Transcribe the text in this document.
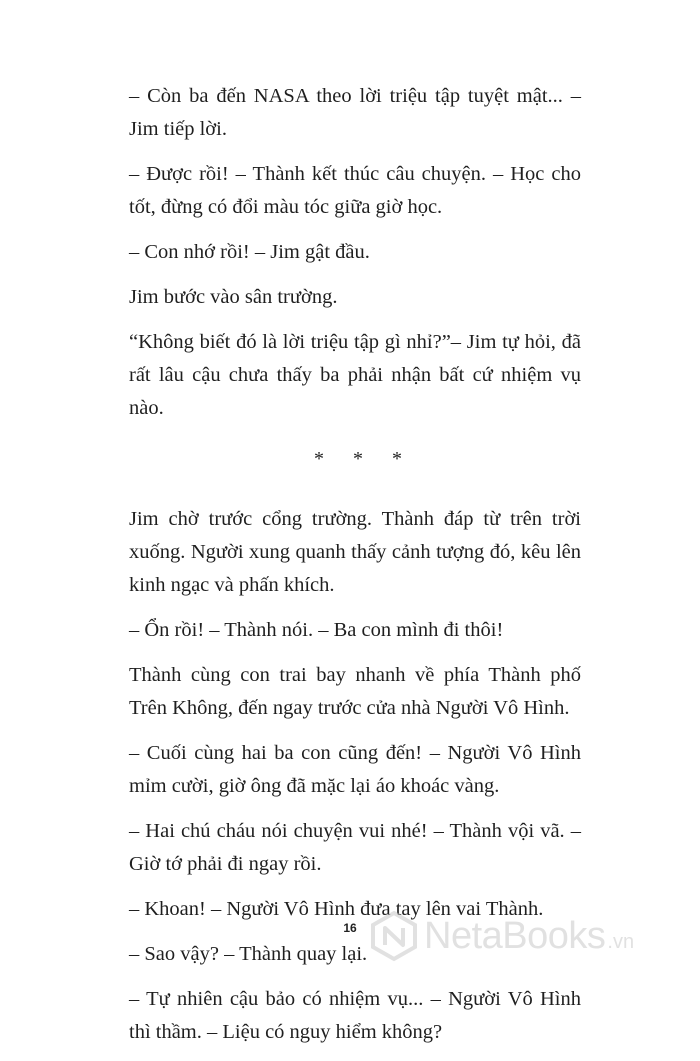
– Còn ba đến NASA theo lời triệu tập tuyệt mật... – Jim tiếp lời.

– Được rồi! – Thành kết thúc câu chuyện. – Học cho tốt, đừng có đổi màu tóc giữa giờ học.

– Con nhớ rồi! – Jim gật đầu.

Jim bước vào sân trường.

“Không biết đó là lời triệu tập gì nhỉ?”– Jim tự hỏi, đã rất lâu cậu chưa thấy ba phải nhận bất cứ nhiệm vụ nào.

* * *

Jim chờ trước cổng trường. Thành đáp từ trên trời xuống. Người xung quanh thấy cảnh tượng đó, kêu lên kinh ngạc và phấn khích.

– Ổn rồi! – Thành nói. – Ba con mình đi thôi!

Thành cùng con trai bay nhanh về phía Thành phố Trên Không, đến ngay trước cửa nhà Người Vô Hình.

– Cuối cùng hai ba con cũng đến! – Người Vô Hình mỉm cười, giờ ông đã mặc lại áo khoác vàng.

– Hai chú cháu nói chuyện vui nhé! – Thành vội vã. – Giờ tớ phải đi ngay rồi.

– Khoan! – Người Vô Hình đưa tay lên vai Thành.

– Sao vậy? – Thành quay lại.

– Tự nhiên cậu bảo có nhiệm vụ... – Người Vô Hình thì thầm. – Liệu có nguy hiểm không?

16	NetaBooks .vn
